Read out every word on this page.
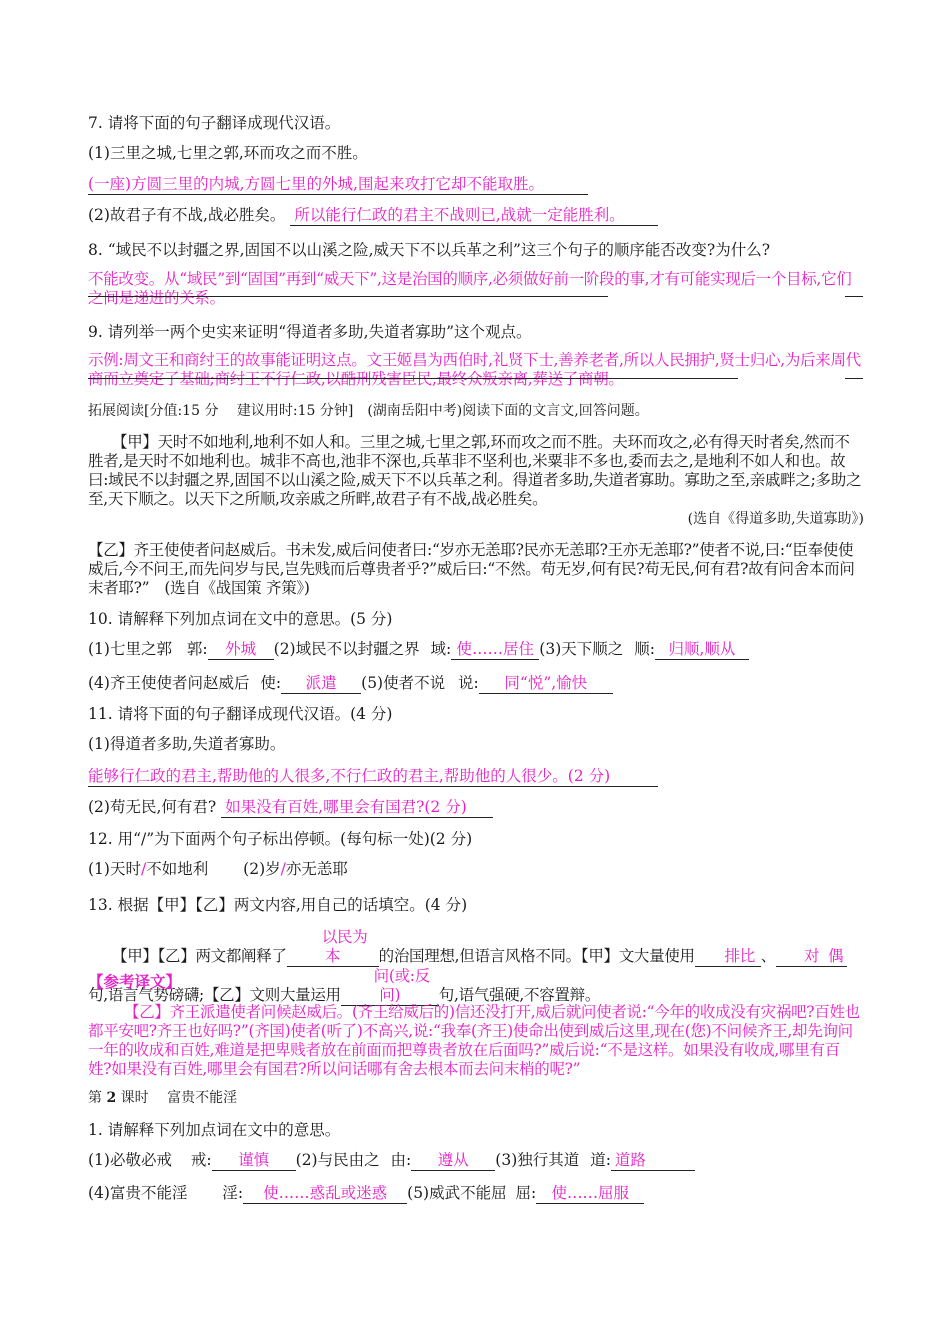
7. 请将下面的句子翻译成现代汉语。
(1)三里之城,七里之郭,环而攻之而不胜。
(一座)方圆三里的内城,方圆七里的外城,围起来攻打它却不能取胜。
(2)故君子有不战,战必胜矣。 所以能行仁政的君主不战则已,战就一定能胜利。
8. “域民不以封疆之界,固国不以山溪之险,威天下不以兵革之利”这三个句子的顺序能否改变?为什么?
不能改变。从“域民”到“固国”再到“威天下”,这是治国的顺序,必须做好前一阶段的事,才有可能实现后一个目标,它们之间是递进的关系。
9. 请列举一两个史实来证明“得道者多助,失道者寡助”这个观点。
示例:周文王和商纣王的故事能证明这点。文王姬昌为西伯时,礼贤下士,善养老者,所以人民拥护,贤士归心,为后来周代商而立奠定了基础;商纣王不行仁政,以酷刑残害臣民,最终众叛亲离,葬送了商朝。
拓展阅读[分值:15 分　 建议用时:15 分钟]　(湖南岳阳中考)阅读下面的文言文,回答问题。
【甲】天时不如地利,地利不如人和。三里之城,七里之郭,环而攻之而不胜。夫环而攻之,必有得天时者矣,然而不胜者,是天时不如地利也。城非不高也,池非不深也,兵革非不坚利也,米粟非不多也,委而去之,是地利不如人和也。故曰:域民不以封疆之界,固国不以山溪之险,威天下不以兵革之利。得道者多助,失道者寡助。寡助之至,亲戚畔之;多助之至,天下顺之。以天下之所顺,攻亲戚之所畔,故君子有不战,战必胜矣。
(选自《得道多助,失道寡助》)
【乙】齐王使使者问赵威后。书未发,威后问使者曰:“岁亦无恙耶?民亦无恙耶?王亦无恙耶?”使者不说,曰:“臣奉使使威后,今不问王,而先问岁与民,岂先贱而后尊贵者乎?”威后曰:“不然。苟无岁,何有民?苟无民,何有君?故有问舍本而问末者耶?”　(选自《战国策 齐策》)
10. 请解释下列加点词在文中的意思。(5 分)
(1)七里之郭 郭: 外城 (2)域民不以封疆之界 域: 使……居住 (3)天下顺之 顺: 归顺,顺从
(4)齐王使使者问赵威后 使: 派遣 (5)使者不说 说: 同“悦”,愉快
11. 请将下面的句子翻译成现代汉语。(4 分)
(1)得道者多助,失道者寡助。
能够行仁政的君主,帮助他的人很多,不行仁政的君主,帮助他的人很少。(2 分)
(2)苟无民,何有君? 如果没有百姓,哪里会有国君?(2 分)
12. 用“/”为下面两个句子标出停顿。(每句标一处)(2 分)
(1)天时/不如地利 (2)岁/亦无恙耶
13. 根据【甲】【乙】两文内容,用自己的话填空。(4 分)
【甲】【乙】两文都阐释了以民为本 的治国理想,但语言风格不同。【甲】文大量使用 排比 、 对 偶句,语言气势磅礴;【乙】文则大量运用问(或:反问) 句,语气强硬,不容置辩。
【参考译文】
【乙】齐王派遣使者问候赵威后。(齐王给威后的)信还没打开,威后就问使者说:“今年的收成没有灾祸吧?百姓也都平安吧?齐王也好吗?”(齐国)使者(听了)不高兴,说:“我奉(齐王)使命出使到威后这里,现在(您)不问候齐王,却先询问一年的收成和百姓,难道是把卑贱者放在前面而把尊贵者放在后面吗?”威后说:“不是这样。如果没有收成,哪里有百姓?如果没有百姓,哪里会有国君?所以问话哪有舍去根本而去问末梢的呢?”
第 2 课时　 富贵不能淫
1. 请解释下列加点词在文中的意思。
(1)必敬必戒 戒: 谨慎 (2)与民由之 由: 遵从 (3)独行其道 道: 道路
(4)富贵不能淫 淫: 使……惑乱或迷惑 (5)威武不能屈 屈: 使……屈服
